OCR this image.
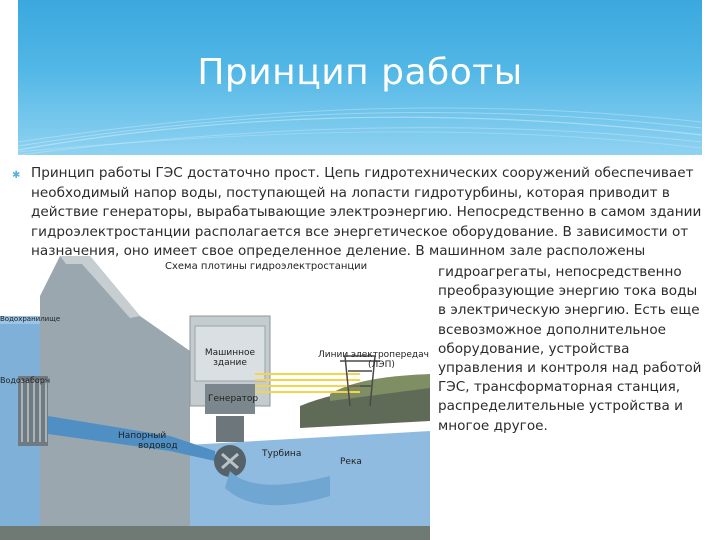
Принцип работы
✱ Принцип работы ГЭС достаточно прост. Цепь гидротехнических сооружений обеспечивает
необходимый напор воды, поступающей на лопасти гидротурбины, которая приводит в
действие генераторы, вырабатывающие электроэнергию. Непосредственно в самом здании
гидроэлектростанции располагается все энергетическое оборудование. В зависимости от
назначения, оно имеет свое определенное деление. В машинном зале расположены

Схема плотины гидроэлектростанции
Водохранилище
Водозаборн
Машинное
здание
Генератор
Напорный
водовод
Линии электропередач
(ЛЭП)
Турбина
Река

гидроагрегаты, непосредственно
преобразующие энергию тока воды
в электрическую энергию. Есть еще
всевозможное дополнительное
оборудование, устройства
управления и контроля над работой
ГЭС, трансформаторная станция,
распределительные устройства и
многое другое.
